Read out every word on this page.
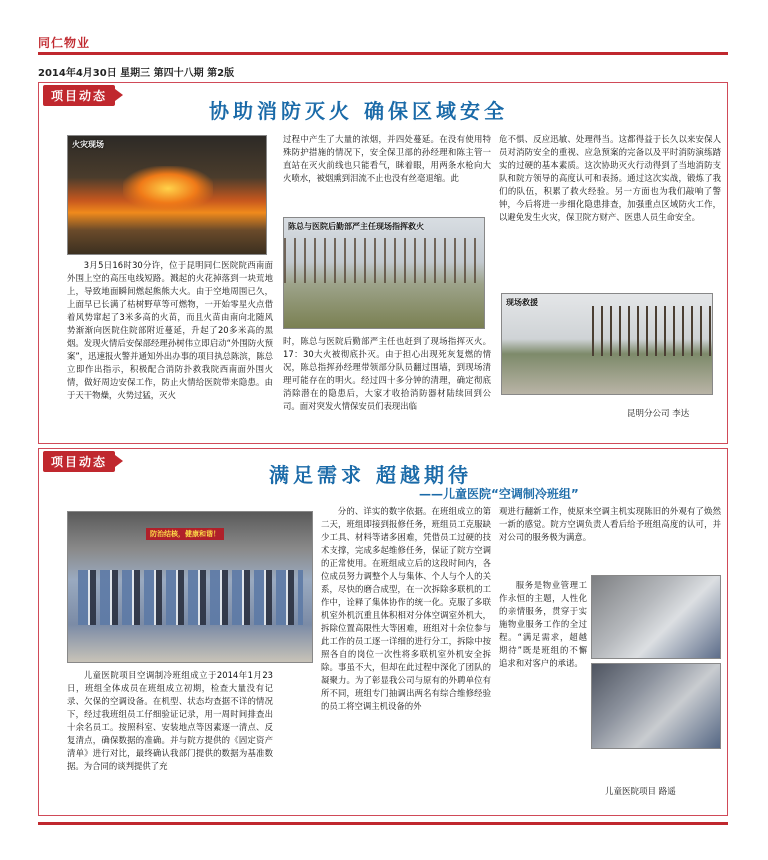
同仁物业
2014年4月30日 星期三 第四十八期 第2版
项目动态
协助消防灭火 确保区域安全
火灾现场
3月5日16时30分许，位于昆明同仁医院院西南面外围上空的高压电线短路。溅起的火花掉落到一块荒地上，导致地面瞬间燃起熊熊大火。由于空地周围已久，上面早已长满了枯树野草等可燃物，一开始零星火点借着风势窜起了3米多高的火苗，而且火苗由南向北随风势渐渐向医院住院部附近蔓延，升起了20多米高的黑烟。发现火情后安保部经理孙树伟立即启动“外围防火预案”，迅速报火警并通知外出办事的项目执总陈滨，陈总立即作出指示，积极配合消防扑救我院西南面外围火情，做好周边安保工作，防止火情给医院带来隐患。由于天干物燥，火势过猛，灭火
过程中产生了大量的浓烟，并四处蔓延。在没有使用特殊防护措施的情况下，安全保卫部的孙经理和陈主管一直站在灭火前线也只能看气，眯着眼，用两条水枪向大火喷水，被烟熏到泪流不止也没有丝毫退缩。此
陈总与医院后勤部严主任现场指挥救火
时，陈总与医院后勤部严主任也赶到了现场指挥灭火。17：30大火被彻底扑灭。由于担心出现死灰复燃的情况，陈总指挥孙经理带领部分队员翻过围墙，到现场清理可能存在的明火。经过四十多分钟的清理，确定彻底消除潜在的隐患后，大家才收拾消防器材陆续回到公司。面对突发火情保安员们表现出临
危不惧、反应迅敏、处理得当。这都得益于长久以来安保人员对消防安全的重视、应急预案的完备以及平时消防演练踏实的过硬的基本素质。这次协助灭火行动得到了当地消防支队和院方领导的高度认可和表扬。通过这次实战，锻炼了我们的队伍，积累了救火经验。另一方面也为我们敲响了警钟，今后将进一步细化隐患排查，加强重点区域防火工作，以避免发生火灾，保卫院方财产、医患人员生命安全。
现场救援
昆明分公司 李达
项目动态
满足需求 超越期待
——儿童医院“空调制冷班组”
防治结核，健康和谐！
儿童医院项目空调制冷班组成立于2014年1月23日，班组全体成员在班组成立初期，检查大量没有记录、欠保的空调设备。在机型、状态均查据不详的情况下，经过我班组员工仔细验证记录，用一周时间排查出十余名员工。按照科室、安装地点等因素逐一清点、反复清点，确保数据的准确。并与院方提供的《固定资产清单》进行对比，最终确认我部门提供的数据为基准数据。为合同的谈判提供了充
分的、详实的数字依据。在班组成立的第二天，班组即接到报修任务，班组员工克服缺少工具、材料等诸多困难，凭借员工过硬的技术支撑，完成多起维修任务，保证了院方空调的正常使用。在班组成立后的这段时间内，各位成员努力调整个人与集体、个人与个人的关系，尽快的磨合成型，在一次拆除多联机的工作中，诠释了集体协作的统一化。克服了多联机室外机沉重且体积相对分体空调室外机大，拆除位置高限性大等困难，班组对十余位参与此工作的员工逐一详细的进行分工，拆除中按照各自的岗位一次性将多联机室外机安全拆除。事虽不大，但却在此过程中深化了团队的凝聚力。为了彰显我公司与原有的外聘单位有所不同，班组专门抽调出两名有综合维修经验的员工将空调主机设备的外
观进行翻新工作，使原来空调主机实现陈旧的外观有了焕然一新的感觉。院方空调负责人看后给予班组高度的认可，并对公司的服务极为满意。
服务是物业管理工作永恒的主题，人性化的亲情服务，贯穿于实施物业服务工作的全过程。“满足需求，超越期待”既是班组的不懈追求和对客户的承诺。
儿童医院项目 路遥
